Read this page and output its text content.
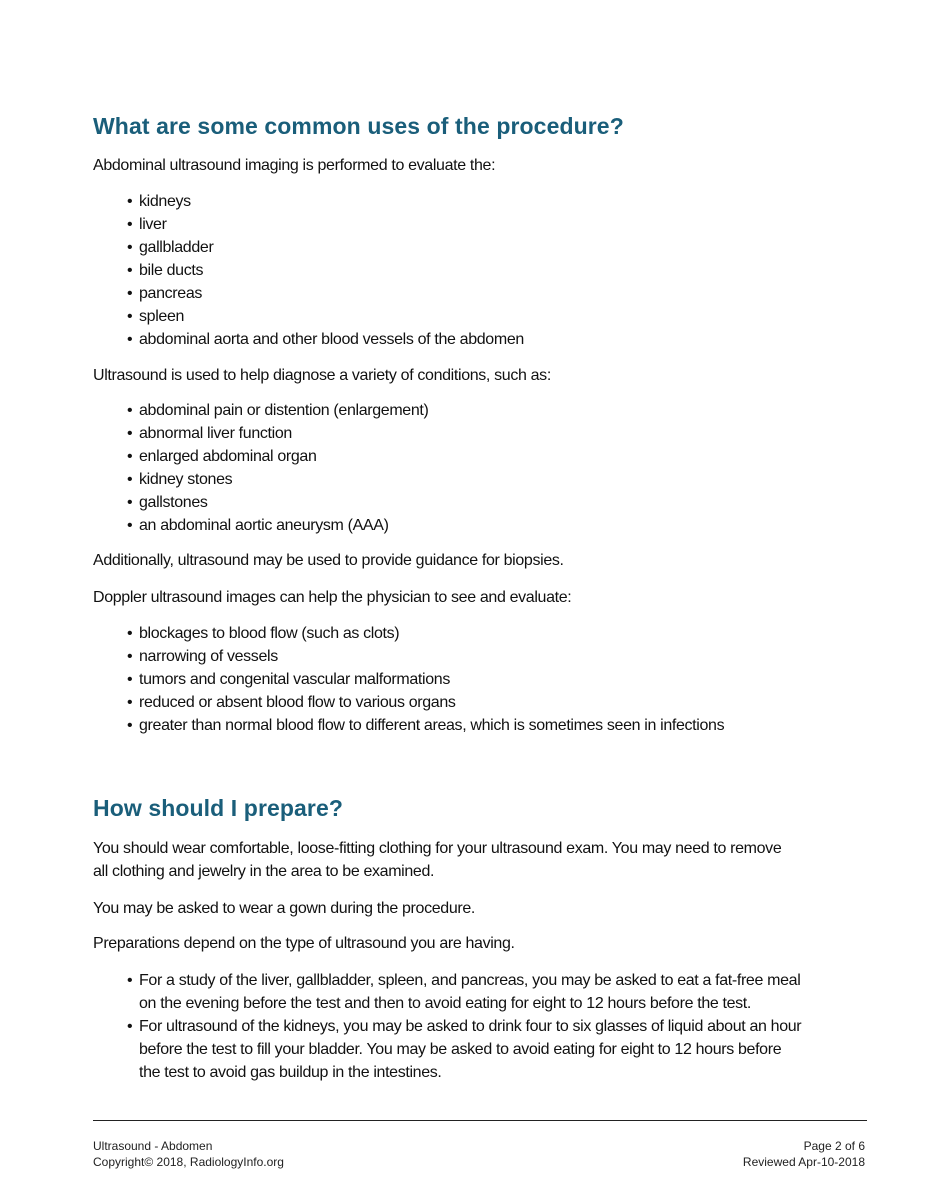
What are some common uses of the procedure?

Abdominal ultrasound imaging is performed to evaluate the:

• kidneys
• liver
• gallbladder
• bile ducts
• pancreas
• spleen
• abdominal aorta and other blood vessels of the abdomen

Ultrasound is used to help diagnose a variety of conditions, such as:

• abdominal pain or distention (enlargement)
• abnormal liver function
• enlarged abdominal organ
• kidney stones
• gallstones
• an abdominal aortic aneurysm (AAA)

Additionally, ultrasound may be used to provide guidance for biopsies.

Doppler ultrasound images can help the physician to see and evaluate:

• blockages to blood flow (such as clots)
• narrowing of vessels
• tumors and congenital vascular malformations
• reduced or absent blood flow to various organs
• greater than normal blood flow to different areas, which is sometimes seen in infections
How should I prepare?

You should wear comfortable, loose-fitting clothing for your ultrasound exam. You may need to remove
all clothing and jewelry in the area to be examined.

You may be asked to wear a gown during the procedure.

Preparations depend on the type of ultrasound you are having.

• For a study of the liver, gallbladder, spleen, and pancreas, you may be asked to eat a fat-free meal
on the evening before the test and then to avoid eating for eight to 12 hours before the test.
• For ultrasound of the kidneys, you may be asked to drink four to six glasses of liquid about an hour
before the test to fill your bladder. You may be asked to avoid eating for eight to 12 hours before
the test to avoid gas buildup in the intestines.
Ultrasound - Abdomen
Copyright© 2018, RadiologyInfo.org
Page 2 of 6
Reviewed Apr-10-2018
